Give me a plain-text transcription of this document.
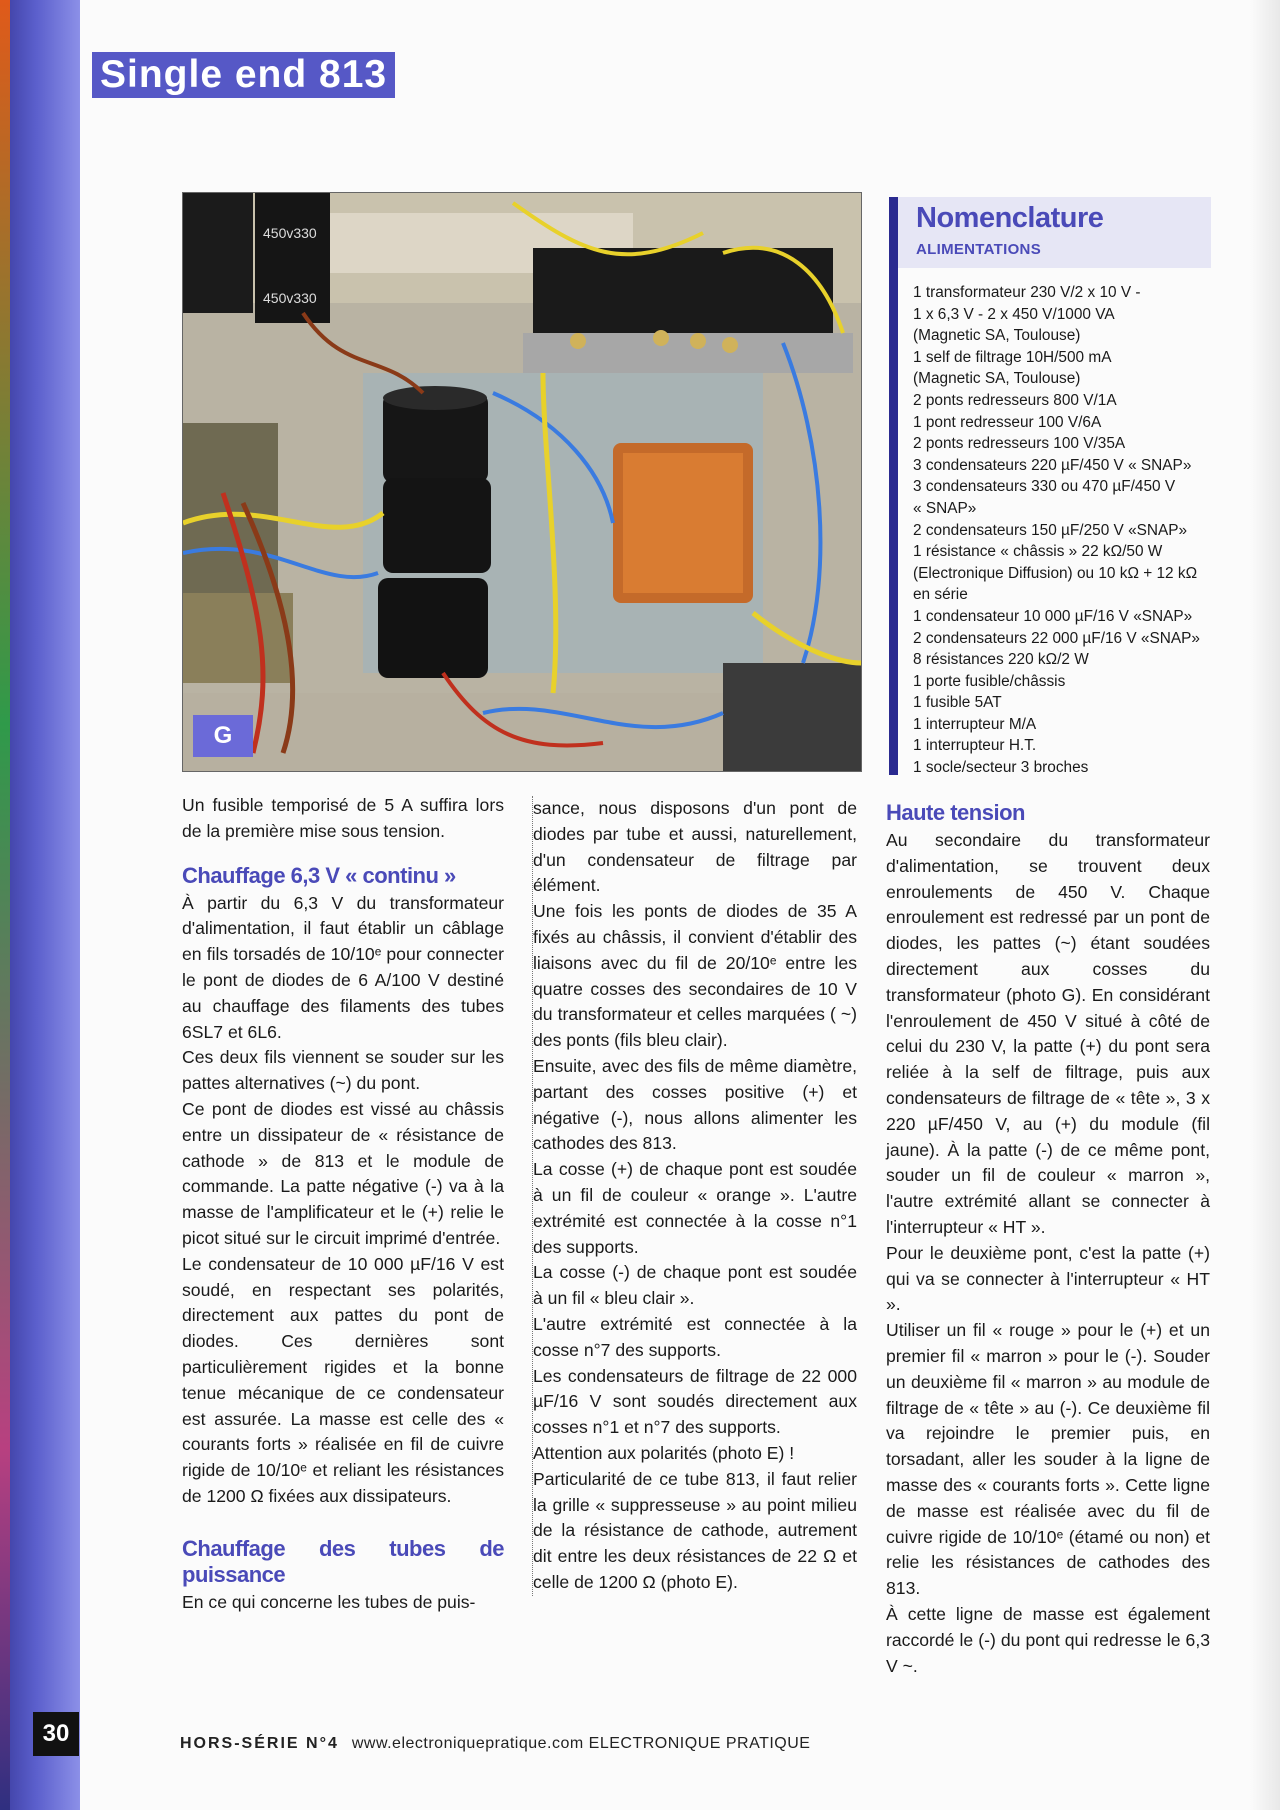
Single end 813
450v330
450v330
G
Nomenclature
ALIMENTATIONS
1 transformateur 230 V/2 x 10 V -
1 x 6,3 V - 2 x 450 V/1000 VA
(Magnetic SA, Toulouse)
1 self de filtrage 10H/500 mA
(Magnetic SA, Toulouse)
2 ponts redresseurs 800 V/1A
1 pont redresseur 100 V/6A
2 ponts redresseurs 100 V/35A
3 condensateurs 220 µF/450 V « SNAP»
3 condensateurs 330 ou 470 µF/450 V
« SNAP»
2 condensateurs 150 µF/250 V «SNAP»
1 résistance « châssis » 22 kΩ/50 W
(Electronique Diffusion) ou 10 kΩ + 12 kΩ
en série
1 condensateur 10 000 µF/16 V «SNAP»
2 condensateurs 22 000 µF/16 V «SNAP»
8 résistances 220 kΩ/2 W
1 porte fusible/châssis
1 fusible 5AT
1 interrupteur M/A
1 interrupteur H.T.
1 socle/secteur 3 broches

Un fusible temporisé de 5 A suffira lors de la première mise sous tension.

Chauffage 6,3 V « continu »

À partir du 6,3 V du transformateur d'alimentation, il faut établir un câblage en fils torsadés de 10/10ᵉ pour connecter le pont de diodes de 6 A/100 V destiné au chauffage des filaments des tubes 6SL7 et 6L6.

Ces deux fils viennent se souder sur les pattes alternatives (~) du pont.

Ce pont de diodes est vissé au châssis entre un dissipateur de « résistance de cathode » de 813 et le module de commande. La patte négative (-) va à la masse de l'amplificateur et le (+) relie le picot situé sur le circuit imprimé d'entrée.

Le condensateur de 10 000 µF/16 V est soudé, en respectant ses polarités, directement aux pattes du pont de diodes. Ces dernières sont particulièrement rigides et la bonne tenue mécanique de ce condensateur est assurée. La masse est celle des « courants forts » réalisée en fil de cuivre rigide de 10/10ᵉ et reliant les résistances de 1200 Ω fixées aux dissipateurs.

Chauffage des tubes de puissance

En ce qui concerne les tubes de puis-

sance, nous disposons d'un pont de diodes par tube et aussi, naturellement, d'un condensateur de filtrage par élément.

Une fois les ponts de diodes de 35 A fixés au châssis, il convient d'établir des liaisons avec du fil de 20/10ᵉ entre les quatre cosses des secondaires de 10 V du transformateur et celles marquées ( ~) des ponts (fils bleu clair).

Ensuite, avec des fils de même diamètre, partant des cosses positive (+) et négative (-), nous allons alimenter les cathodes des 813.

La cosse (+) de chaque pont est soudée à un fil de couleur « orange ». L'autre extrémité est connectée à la cosse n°1 des supports.

La cosse (-) de chaque pont est soudée à un fil « bleu clair ».

L'autre extrémité est connectée à la cosse n°7 des supports.

Les condensateurs de filtrage de 22 000 µF/16 V sont soudés directement aux cosses n°1 et n°7 des supports.

Attention aux polarités (photo E) !

Particularité de ce tube 813, il faut relier la grille « suppresseuse » au point milieu de la résistance de cathode, autrement dit entre les deux résistances de 22 Ω et celle de 1200 Ω (photo E).

Haute tension

Au secondaire du transformateur d'alimentation, se trouvent deux enroulements de 450 V. Chaque enroulement est redressé par un pont de diodes, les pattes (~) étant soudées directement aux cosses du transformateur (photo G). En considérant l'enroulement de 450 V situé à côté de celui du 230 V, la patte (+) du pont sera reliée à la self de filtrage, puis aux condensateurs de filtrage de « tête », 3 x 220 µF/450 V, au (+) du module (fil jaune). À la patte (-) de ce même pont, souder un fil de couleur « marron », l'autre extrémité allant se connecter à l'interrupteur « HT ».

Pour le deuxième pont, c'est la patte (+) qui va se connecter à l'interrupteur « HT ».

Utiliser un fil « rouge » pour le (+) et un premier fil « marron » pour le (-). Souder un deuxième fil « marron » au module de filtrage de « tête » au (-). Ce deuxième fil va rejoindre le premier puis, en torsadant, aller les souder à la ligne de masse des « courants forts ». Cette ligne de masse est réalisée avec du fil de cuivre rigide de 10/10ᵉ (étamé ou non) et relie les résistances de cathodes des 813.

À cette ligne de masse est également raccordé le (-) du pont qui redresse le 6,3 V ~.

30	HORS-SÉRIE N°4 www.electroniquepratique.com ELECTRONIQUE PRATIQUE
